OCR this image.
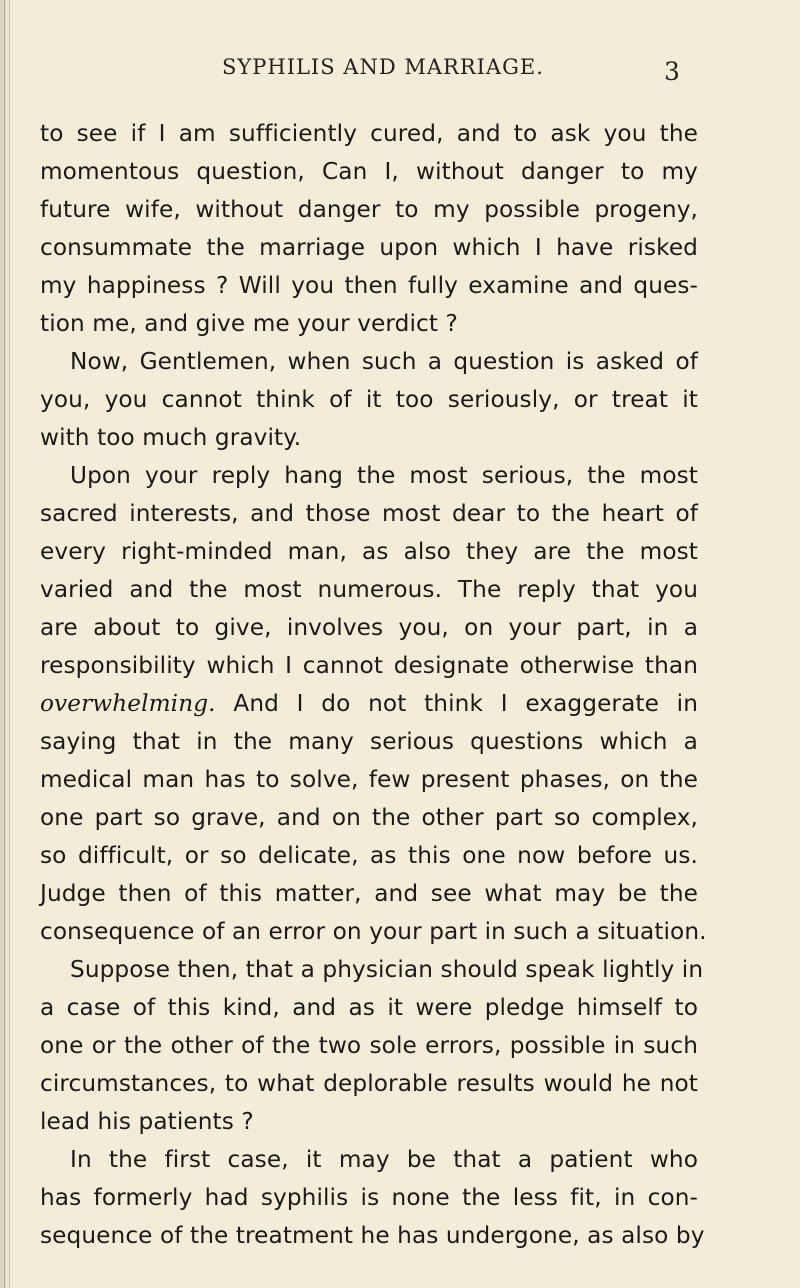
SYPHILIS AND MARRIAGE.	3
to see if I am sufficiently cured, and to ask you the
momentous question, Can I, without danger to my
future wife, without danger to my possible progeny,
consummate the marriage upon which I have risked
my happiness ? Will you then fully examine and ques-
tion me, and give me your verdict ?
Now, Gentlemen, when such a question is asked of
you, you cannot think of it too seriously, or treat it
with too much gravity.
Upon your reply hang the most serious, the most
sacred interests, and those most dear to the heart of
every right-minded man, as also they are the most
varied and the most numerous. The reply that you
are about to give, involves you, on your part, in a
responsibility which I cannot designate otherwise than
overwhelming. And I do not think I exaggerate in
saying that in the many serious questions which a
medical man has to solve, few present phases, on the
one part so grave, and on the other part so complex,
so difficult, or so delicate, as this one now before us.
Judge then of this matter, and see what may be the
consequence of an error on your part in such a situation.
Suppose then, that a physician should speak lightly in
a case of this kind, and as it were pledge himself to
one or the other of the two sole errors, possible in such
circumstances, to what deplorable results would he not
lead his patients ?
In the first case, it may be that a patient who
has formerly had syphilis is none the less fit, in con-
sequence of the treatment he has undergone, as also by
